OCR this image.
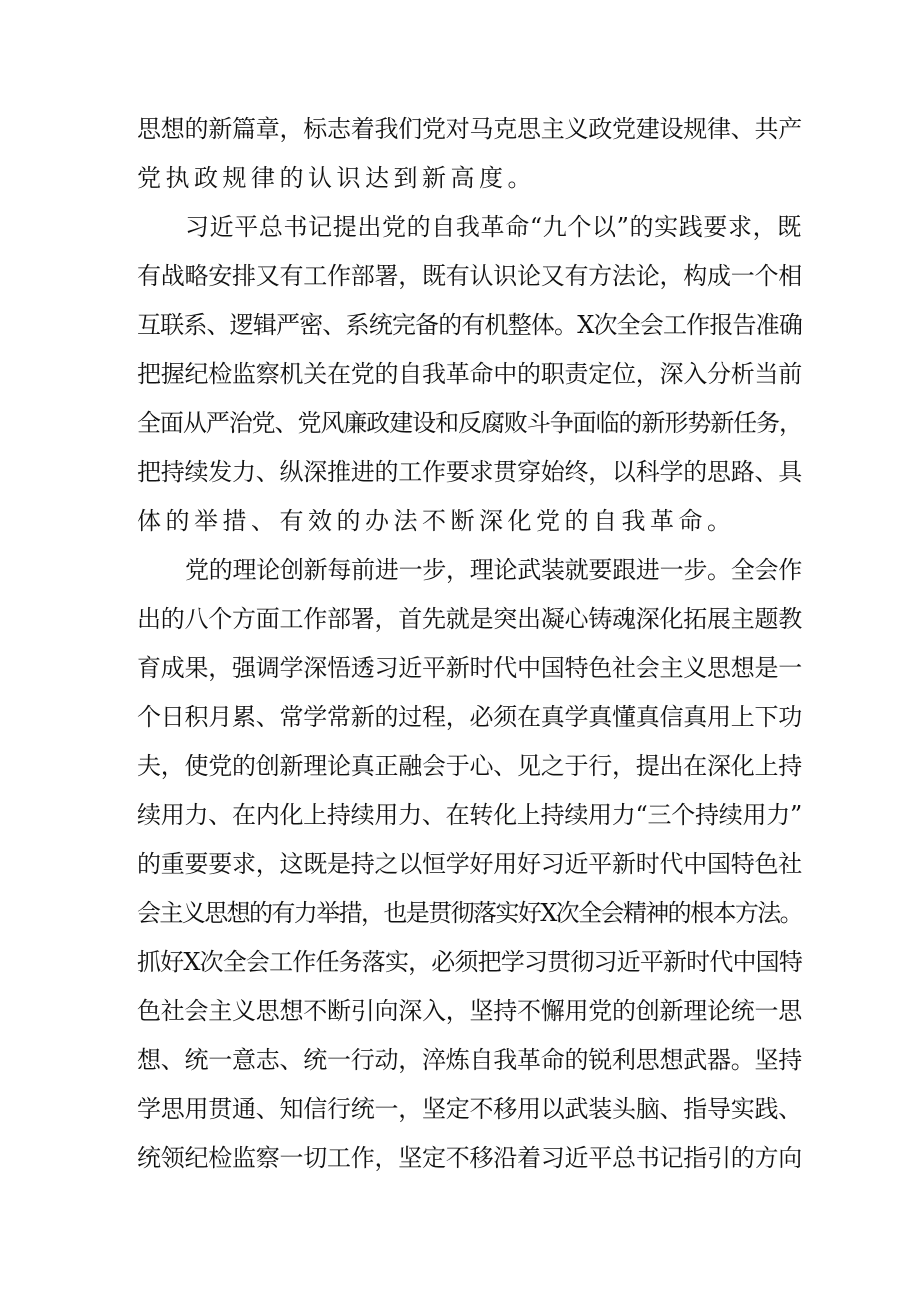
思想的新篇章，标志着我们党对马克思主义政党建设规律、共产
党执政规律的认识达到新高度。
习近平总书记提出党的自我革命“九个以”的实践要求，既
有战略安排又有工作部署，既有认识论又有方法论，构成一个相
互联系、逻辑严密、系统完备的有机整体。X次全会工作报告准确
把握纪检监察机关在党的自我革命中的职责定位，深入分析当前
全面从严治党、党风廉政建设和反腐败斗争面临的新形势新任务，
把持续发力、纵深推进的工作要求贯穿始终，以科学的思路、具
体的举措、有效的办法不断深化党的自我革命。
党的理论创新每前进一步，理论武装就要跟进一步。全会作
出的八个方面工作部署，首先就是突出凝心铸魂深化拓展主题教
育成果，强调学深悟透习近平新时代中国特色社会主义思想是一
个日积月累、常学常新的过程，必须在真学真懂真信真用上下功
夫，使党的创新理论真正融会于心、见之于行，提出在深化上持
续用力、在内化上持续用力、在转化上持续用力“三个持续用力”
的重要要求，这既是持之以恒学好用好习近平新时代中国特色社
会主义思想的有力举措，也是贯彻落实好X次全会精神的根本方法。
抓好X次全会工作任务落实，必须把学习贯彻习近平新时代中国特
色社会主义思想不断引向深入，坚持不懈用党的创新理论统一思
想、统一意志、统一行动，淬炼自我革命的锐利思想武器。坚持
学思用贯通、知信行统一，坚定不移用以武装头脑、指导实践、
统领纪检监察一切工作，坚定不移沿着习近平总书记指引的方向
